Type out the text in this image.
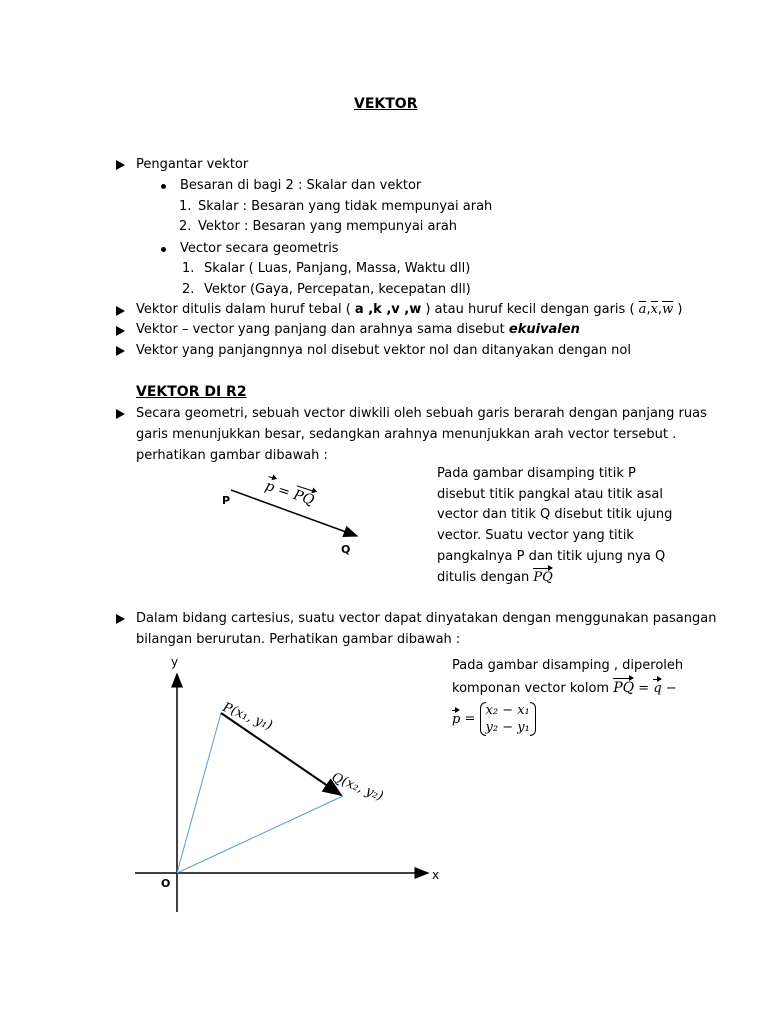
VEKTOR
Pengantar vektor
Besaran di bagi 2 : Skalar dan vektor
1. Skalar : Besaran yang tidak mempunyai arah
2. Vektor : Besaran yang mempunyai arah
Vector secara geometris
1. Skalar ( Luas, Panjang, Massa, Waktu dll)
2. Vektor (Gaya, Percepatan, kecepatan dll)
Vektor ditulis dalam huruf tebal ( a ,k ,v ,w ) atau huruf kecil dengan garis ( a,x,w )
Vektor – vector yang panjang dan arahnya sama disebut ekuivalen
Vektor yang panjangnnya nol disebut vektor nol dan ditanyakan dengan nol
VEKTOR DI R2
Secara geometri, sebuah vector diwkili oleh sebuah garis berarah dengan panjang ruas
garis menunjukkan besar, sedangkan arahnya menunjukkan arah vector tersebut .
perhatikan gambar dibawah :
P
Q
p = PQ
Pada gambar disamping titik P
disebut titik pangkal atau titik asal
vector dan titik Q disebut titik ujung
vector. Suatu vector yang titik
pangkalnya P dan titik ujung nya Q
ditulis dengan PQ
Dalam bidang cartesius, suatu vector dapat dinyatakan dengan menggunakan pasangan
bilangan berurutan. Perhatikan gambar dibawah :
y
x
O
P(x₁, y₁)
Q(x₂, y₂)
Pada gambar disamping , diperoleh
komponan vector kolom PQ = q −
p =
x₂ − x₁
y₂ − y₁
